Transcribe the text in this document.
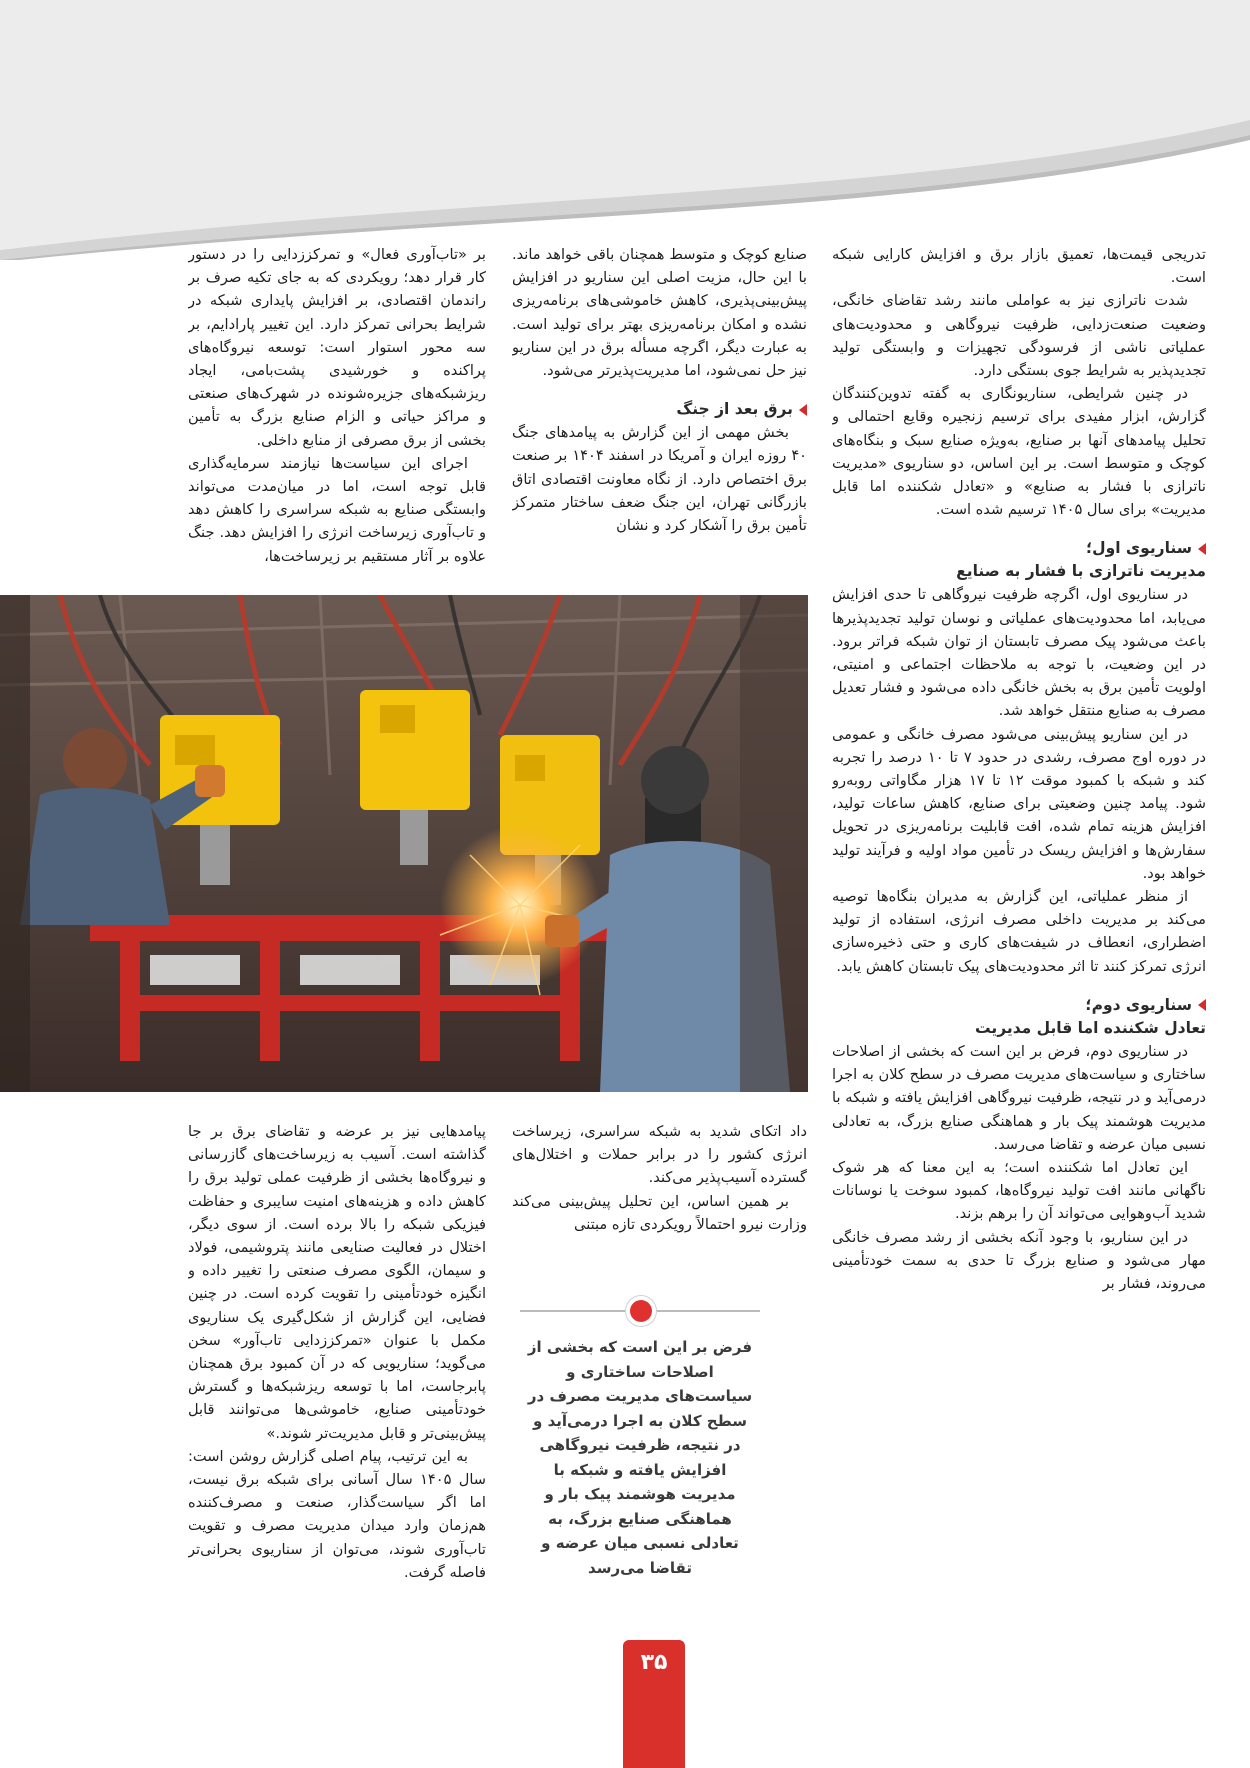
تدریجی قیمت‌ها، تعمیق بازار برق و افزایش کارایی شبکه است.

شدت ناترازی نیز به عواملی مانند رشد تقاضای خانگی، وضعیت صنعت‌زدایی، ظرفیت نیروگاهی و محدودیت‌های عملیاتی ناشی از فرسودگی تجهیزات و وابستگی تولید تجدیدپذیر به شرایط جوی بستگی دارد.

در چنین شرایطی، سناریونگاری به گفته تدوین‌کنندگان گزارش، ابزار مفیدی برای ترسیم زنجیره وقایع احتمالی و تحلیل پیامدهای آنها بر صنایع، به‌ویژه صنایع سبک و بنگاه‌های کوچک و متوسط است. بر این اساس، دو سناریوی «مدیریت ناترازی با فشار به صنایع» و «تعادل شکننده اما قابل مدیریت» برای سال ۱۴۰۵ ترسیم شده است.

سناریوی اول؛
مدیریت ناترازی با فشار به صنایع

در سناریوی اول، اگرچه ظرفیت نیروگاهی تا حدی افزایش می‌یابد، اما محدودیت‌های عملیاتی و نوسان تولید تجدیدپذیرها باعث می‌شود پیک مصرف تابستان از توان شبکه فراتر برود. در این وضعیت، با توجه به ملاحظات اجتماعی و امنیتی، اولویت تأمین برق به بخش خانگی داده می‌شود و فشار تعدیل مصرف به صنایع منتقل خواهد شد.

در این سناریو پیش‌بینی می‌شود مصرف خانگی و عمومی در دوره اوج مصرف، رشدی در حدود ۷ تا ۱۰ درصد را تجربه کند و شبکه با کمبود موقت ۱۲ تا ۱۷ هزار مگاواتی روبه‌رو شود. پیامد چنین وضعیتی برای صنایع، کاهش ساعات تولید، افزایش هزینه تمام شده، افت قابلیت برنامه‌ریزی در تحویل سفارش‌ها و افزایش ریسک در تأمین مواد اولیه و فرآیند تولید خواهد بود.

از منظر عملیاتی، این گزارش به مدیران بنگاه‌ها توصیه می‌کند بر مدیریت داخلی مصرف انرژی، استفاده از تولید اضطراری، انعطاف در شیفت‌های کاری و حتی ذخیره‌سازی انرژی تمرکز کنند تا اثر محدودیت‌های پیک تابستان کاهش یابد.

سناریوی دوم؛
تعادل شکننده اما قابل مدیریت

در سناریوی دوم، فرض بر این است که بخشی از اصلاحات ساختاری و سیاست‌های مدیریت مصرف در سطح کلان به اجرا درمی‌آید و در نتیجه، ظرفیت نیروگاهی افزایش یافته و شبکه با مدیریت هوشمند پیک بار و هماهنگی صنایع بزرگ، به تعادلی نسبی میان عرضه و تقاضا می‌رسد.

این تعادل اما شکننده است؛ به این معنا که هر شوک ناگهانی مانند افت تولید نیروگاه‌ها، کمبود سوخت یا نوسانات شدید آب‌وهوایی می‌تواند آن را برهم بزند.

در این سناریو، با وجود آنکه بخشی از رشد مصرف خانگی مهار می‌شود و صنایع بزرگ تا حدی به سمت خودتأمینی می‌روند، فشار بر

صنایع کوچک و متوسط همچنان باقی خواهد ماند. با این حال، مزیت اصلی این سناریو در افزایش پیش‌بینی‌پذیری، کاهش خاموشی‌های برنامه‌ریزی نشده و امکان برنامه‌ریزی بهتر برای تولید است. به عبارت دیگر، اگرچه مسأله برق در این سناریو نیز حل نمی‌شود، اما مدیریت‌پذیرتر می‌شود.

برق بعد از جنگ

بخش مهمی از این گزارش به پیامدهای جنگ ۴۰ روزه ایران و آمریکا در اسفند ۱۴۰۴ بر صنعت برق اختصاص دارد. از نگاه معاونت اقتصادی اتاق بازرگانی تهران، این جنگ ضعف ساختار متمرکز تأمین برق را آشکار کرد و نشان

بر «تاب‌آوری فعال» و تمرکززدایی را در دستور کار قرار دهد؛ رویکردی که به جای تکیه صرف بر راندمان اقتصادی، بر افزایش پایداری شبکه در شرایط بحرانی تمرکز دارد. این تغییر پارادایم، بر سه محور استوار است: توسعه نیروگاه‌های پراکنده و خورشیدی پشت‌بامی، ایجاد ریزشبکه‌های جزیره‌شونده در شهرک‌های صنعتی و مراکز حیاتی و الزام صنایع بزرگ به تأمین بخشی از برق مصرفی از منابع داخلی.

اجرای این سیاست‌ها نیازمند سرمایه‌گذاری قابل توجه است، اما در میان‌مدت می‌تواند وابستگی صنایع به شبکه سراسری را کاهش دهد و تاب‌آوری زیرساخت انرژی را افزایش دهد. جنگ علاوه بر آثار مستقیم بر زیرساخت‌ها،

داد اتکای شدید به شبکه سراسری، زیرساخت انرژی کشور را در برابر حملات و اختلال‌های گسترده آسیب‌پذیر می‌کند.

بر همین اساس، این تحلیل پیش‌بینی می‌کند وزارت نیرو احتمالاً رویکردی تازه مبتنی

فرض بر این است که بخشی از اصلاحات ساختاری و سیاست‌های مدیریت مصرف در سطح کلان به اجرا درمی‌آید و در نتیجه، ظرفیت نیروگاهی افزایش یافته و شبکه با مدیریت هوشمند پیک بار و هماهنگی صنایع بزرگ، به تعادلی نسبی میان عرضه و تقاضا می‌رسد

پیامدهایی نیز بر عرضه و تقاضای برق بر جا گذاشته است. آسیب به زیرساخت‌های گازرسانی و نیروگاه‌ها بخشی از ظرفیت عملی تولید برق را کاهش داده و هزینه‌های امنیت سایبری و حفاظت فیزیکی شبکه را بالا برده است. از سوی دیگر، اختلال در فعالیت صنایعی مانند پتروشیمی، فولاد و سیمان، الگوی مصرف صنعتی را تغییر داده و انگیزه خودتأمینی را تقویت کرده است. در چنین فضایی، این گزارش از شکل‌گیری یک سناریوی مکمل با عنوان «تمرکززدایی تاب‌آور» سخن می‌گوید؛ سناریویی که در آن کمبود برق همچنان پابرجاست، اما با توسعه ریزشبکه‌ها و گسترش خودتأمینی صنایع، خاموشی‌ها می‌توانند قابل پیش‌بینی‌تر و قابل مدیریت‌تر شوند.»

به این ترتیب، پیام اصلی گزارش روشن است: سال ۱۴۰۵ سال آسانی برای شبکه برق نیست، اما اگر سیاست‌گذار، صنعت و مصرف‌کننده هم‌زمان وارد میدان مدیریت مصرف و تقویت تاب‌آوری شوند، می‌توان از سناریوی بحرانی‌تر فاصله گرفت.

۳۵
